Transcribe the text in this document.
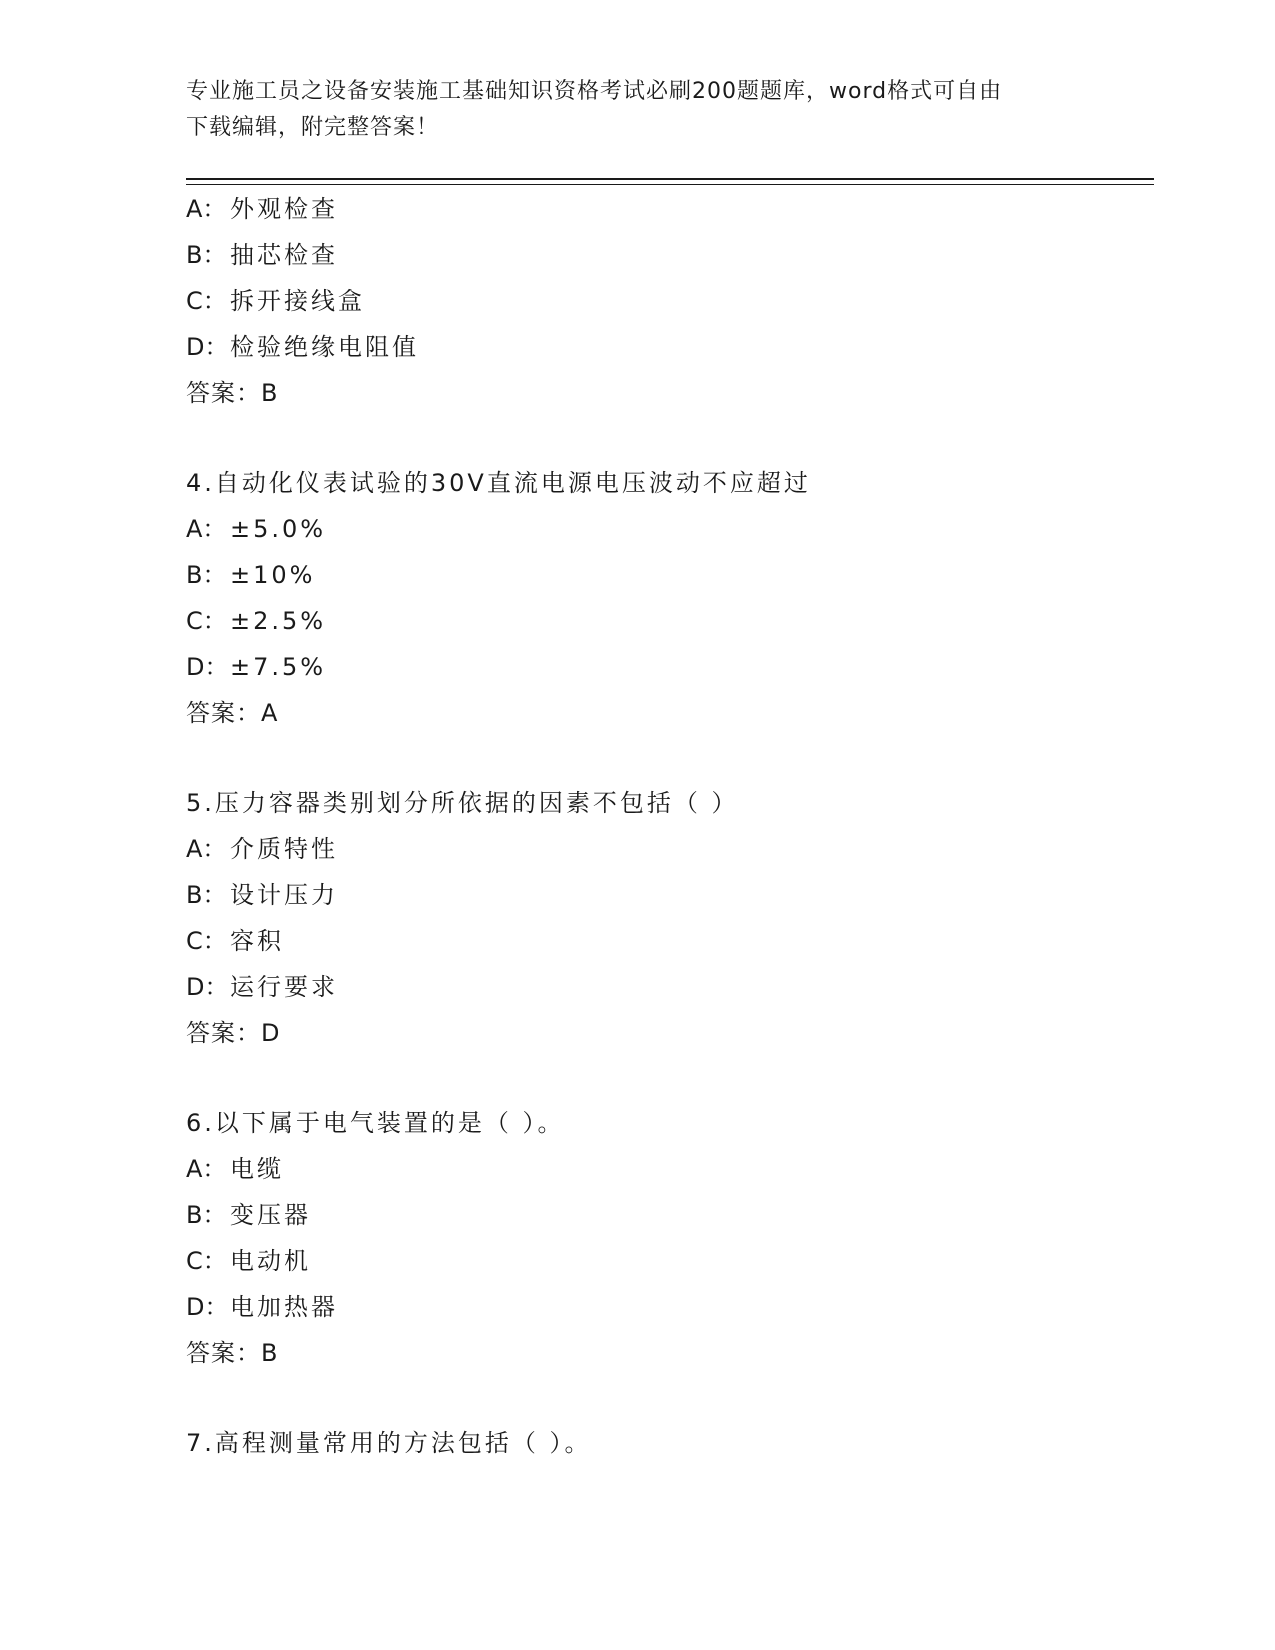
专业施工员之设备安装施工基础知识资格考试必刷200题题库，word格式可自由
下载编辑，附完整答案！
A： 外观检查
B： 抽芯检查
C： 拆开接线盒
D：检验绝缘电阻值
答案：B
4.自动化仪表试验的30V直流电源电压波动不应超过
A： ±5.0%
B： ±10%
C： ±2.5%
D：±7.5%
答案：A
5.压力容器类别划分所依据的因素不包括（ ）
A： 介质特性
B： 设计压力
C： 容积
D：运行要求
答案：D
6.以下属于电气装置的是（ ）。
A： 电缆
B： 变压器
C： 电动机
D：电加热器
答案：B
7.高程测量常用的方法包括（ ）。
